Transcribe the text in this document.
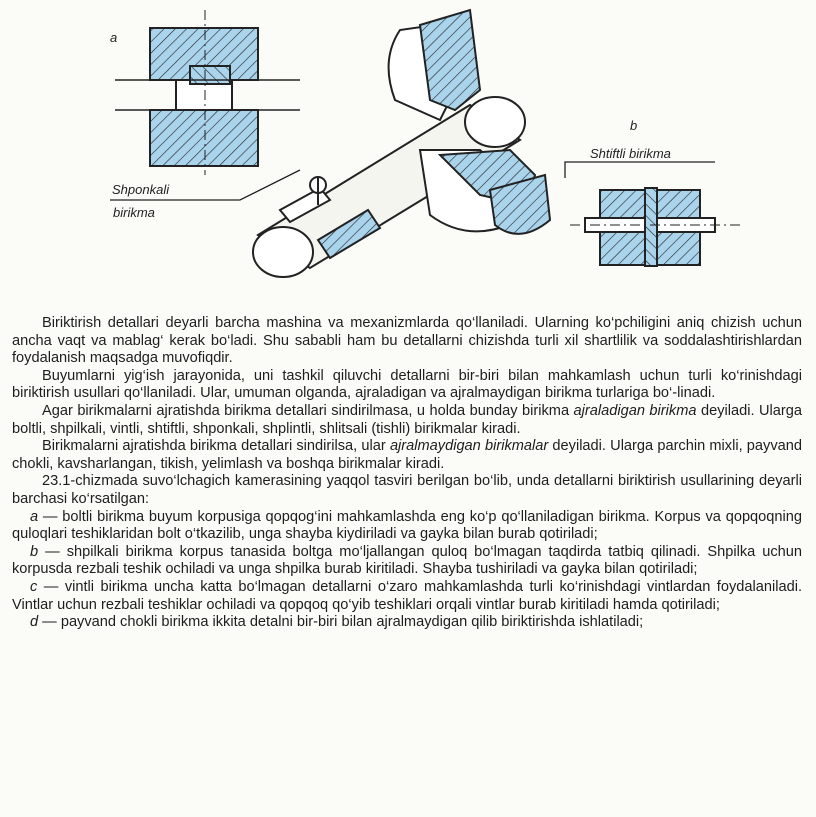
a
b
Shponkali
birikma
Shtiftli birikma

Biriktirish detallari deyarli barcha mashina va mexanizmlarda qo‘llaniladi. Ularning ko‘pchiligini aniq chizish uchun ancha vaqt va mablag‘ kerak bo‘ladi. Shu sababli ham bu detallarni chizishda turli xil shartlilik va soddalashtirishlardan foydalanish maqsadga muvofiqdir.

Buyumlarni yig‘ish jarayonida, uni tashkil qiluvchi detallarni bir-biri bilan mahkamlash uchun turli ko‘rinishdagi biriktirish usullari qo‘llaniladi. Ular, umuman olganda, ajraladigan va ajralmaydigan birikma turlariga bo‘-linadi.

Agar birikmalarni ajratishda birikma detallari sindirilmasa, u holda bunday birikma ajraladigan birikma deyiladi. Ularga boltli, shpilkali, vintli, shtiftli, shponkali, shplintli, shlitsali (tishli) birikmalar kiradi.

Birikmalarni ajratishda birikma detallari sindirilsa, ular ajralmaydigan birikmalar deyiladi. Ularga parchin mixli, payvand chokli, kavsharlangan, tikish, yelimlash va boshqa birikmalar kiradi.

23.1-chizmada suvo‘lchagich kamerasining yaqqol tasviri berilgan bo‘lib, unda detallarni biriktirish usullarining deyarli barchasi ko‘rsatilgan:

a — boltli birikma buyum korpusiga qopqog‘ini mahkamlashda eng ko‘p qo‘llaniladigan birikma. Korpus va qopqoqning quloqlari teshiklaridan bolt o‘tkazilib, unga shayba kiydiriladi va gayka bilan burab qotiriladi;

b — shpilkali birikma korpus tanasida boltga mo‘ljallangan quloq bo‘lmagan taqdirda tatbiq qilinadi. Shpilka uchun korpusda rezbali teshik ochiladi va unga shpilka burab kiritiladi. Shayba tushiriladi va gayka bilan qotiriladi;

c — vintli birikma uncha katta bo‘lmagan detallarni o‘zaro mahkamlashda turli ko‘rinishdagi vintlardan foydalaniladi. Vintlar uchun rezbali teshiklar ochiladi va qopqoq qo‘yib teshiklari orqali vintlar burab kiritiladi hamda qotiriladi;

d — payvand chokli birikma ikkita detalni bir-biri bilan ajralmaydigan qilib biriktirishda ishlatiladi;
